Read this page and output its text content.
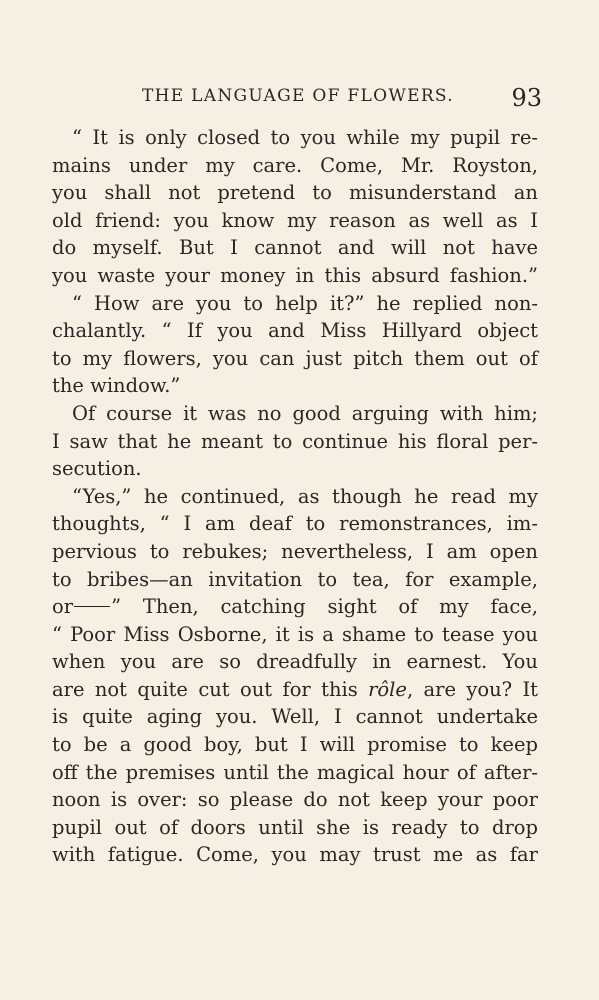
THE LANGUAGE OF FLOWERS. 93
“ It is only closed to you while my pupil re-
mains under my care. Come, Mr. Royston,
you shall not pretend to misunderstand an
old friend: you know my reason as well as I
do myself. But I cannot and will not have
you waste your money in this absurd fashion.”
“ How are you to help it?” he replied non-
chalantly. “ If you and Miss Hillyard object
to my flowers, you can just pitch them out of
the window.”
Of course it was no good arguing with him;
I saw that he meant to continue his floral per-
secution.
“Yes,” he continued, as though he read my
thoughts, “ I am deaf to remonstrances, im-
pervious to rebukes; nevertheless, I am open
to bribes—an invitation to tea, for example,
or ” Then, catching sight of my face,
“ Poor Miss Osborne, it is a shame to tease you
when you are so dreadfully in earnest. You
are not quite cut out for this rôle, are you? It
is quite aging you. Well, I cannot undertake
to be a good boy, but I will promise to keep
off the premises until the magical hour of after-
noon is over: so please do not keep your poor
pupil out of doors until she is ready to drop
with fatigue. Come, you may trust me as far
